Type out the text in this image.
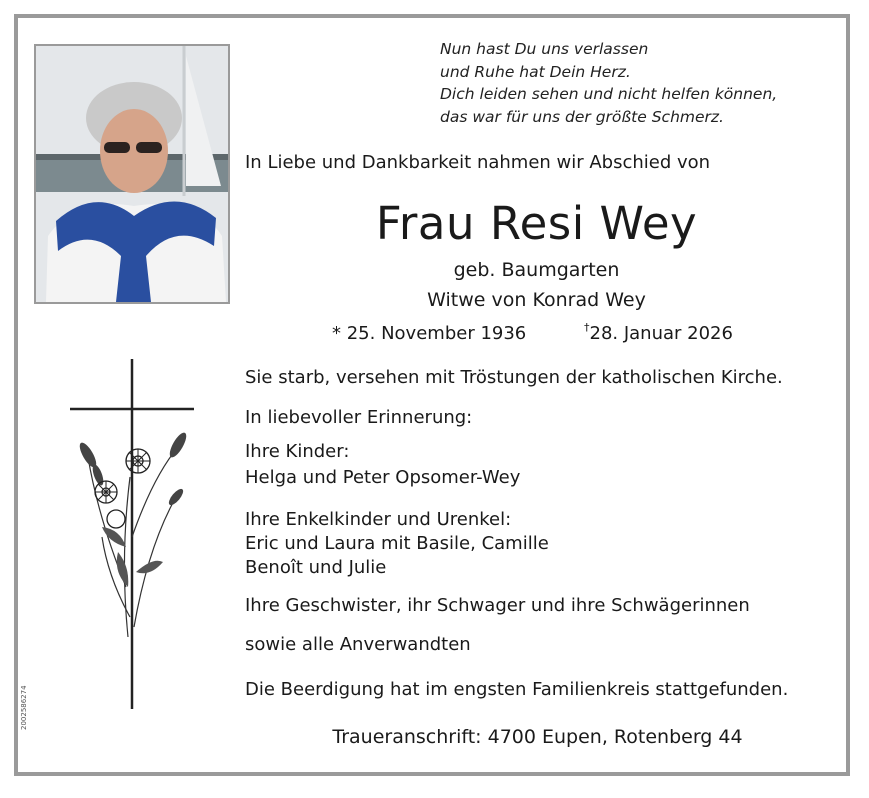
Nun hast Du uns verlassen
und Ruhe hat Dein Herz.
Dich leiden sehen und nicht helfen können,
das war für uns der größte Schmerz.
In Liebe und Dankbarkeit nahmen wir Abschied von
Frau Resi Wey
geb. Baumgarten
Witwe von Konrad Wey
* 25. November 1936	†28. Januar 2026
Sie starb, versehen mit Tröstungen der katholischen Kirche.
In liebevoller Erinnerung:
Ihre Kinder:
Helga und Peter Opsomer-Wey
Ihre Enkelkinder und Urenkel:
Eric und Laura mit Basile, Camille
Benoît und Julie
Ihre Geschwister, ihr Schwager und ihre Schwägerinnen
sowie alle Anverwandten
Die Beerdigung hat im engsten Familienkreis stattgefunden.
Traueranschrift: 4700 Eupen, Rotenberg 44
2002586274
